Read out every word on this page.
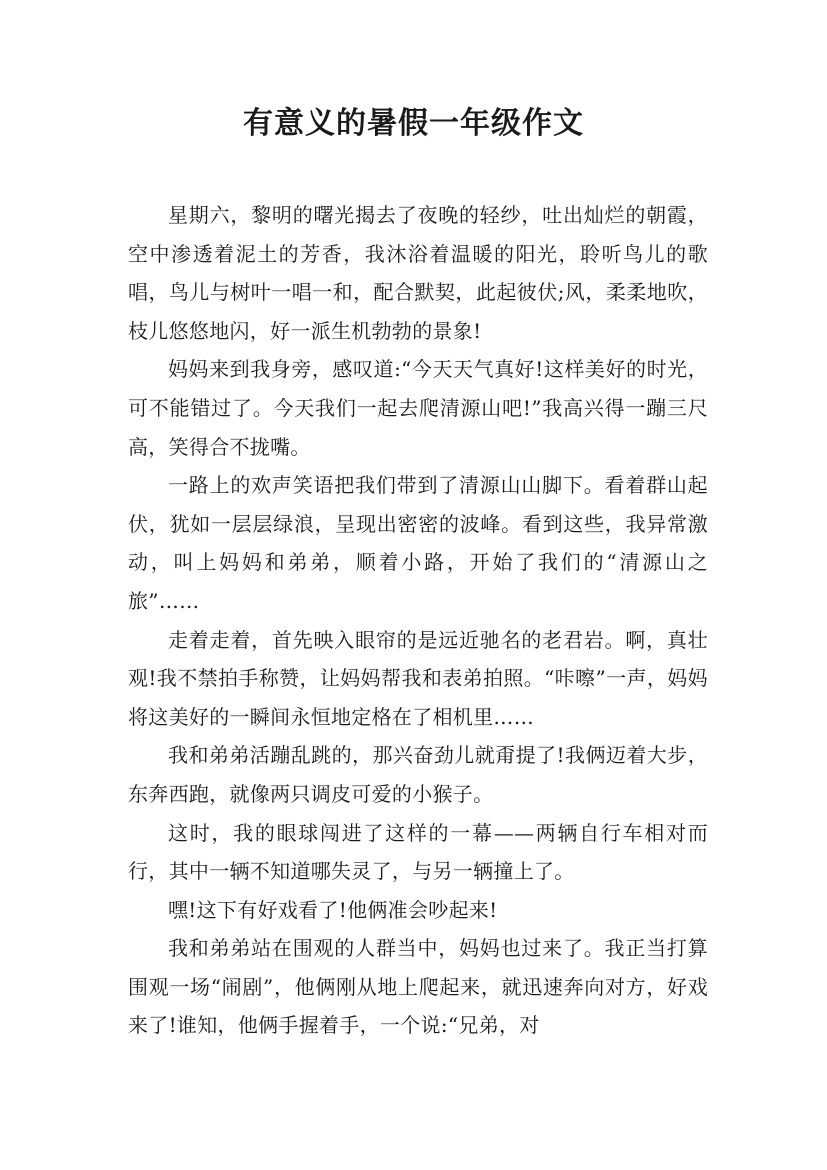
有意义的暑假一年级作文

星期六，黎明的曙光揭去了夜晚的轻纱，吐出灿烂的朝霞，空中渗透着泥土的芳香，我沐浴着温暖的阳光，聆听鸟儿的歌唱，鸟儿与树叶一唱一和，配合默契，此起彼伏;风，柔柔地吹，枝儿悠悠地闪，好一派生机勃勃的景象!

妈妈来到我身旁，感叹道:“今天天气真好!这样美好的时光，可不能错过了。今天我们一起去爬清源山吧!”我高兴得一蹦三尺高，笑得合不拢嘴。

一路上的欢声笑语把我们带到了清源山山脚下。看着群山起伏，犹如一层层绿浪，呈现出密密的波峰。看到这些，我异常激动，叫上妈妈和弟弟，顺着小路，开始了我们的“清源山之旅”……

走着走着，首先映入眼帘的是远近驰名的老君岩。啊，真壮观!我不禁拍手称赞，让妈妈帮我和表弟拍照。“咔嚓”一声，妈妈将这美好的一瞬间永恒地定格在了相机里……

我和弟弟活蹦乱跳的，那兴奋劲儿就甭提了!我俩迈着大步，东奔西跑，就像两只调皮可爱的小猴子。

这时，我的眼球闯进了这样的一幕——两辆自行车相对而行，其中一辆不知道哪失灵了，与另一辆撞上了。

嘿!这下有好戏看了!他俩准会吵起来!

我和弟弟站在围观的人群当中，妈妈也过来了。我正当打算围观一场“闹剧”，他俩刚从地上爬起来，就迅速奔向对方，好戏来了!谁知，他俩手握着手，一个说:“兄弟，对
